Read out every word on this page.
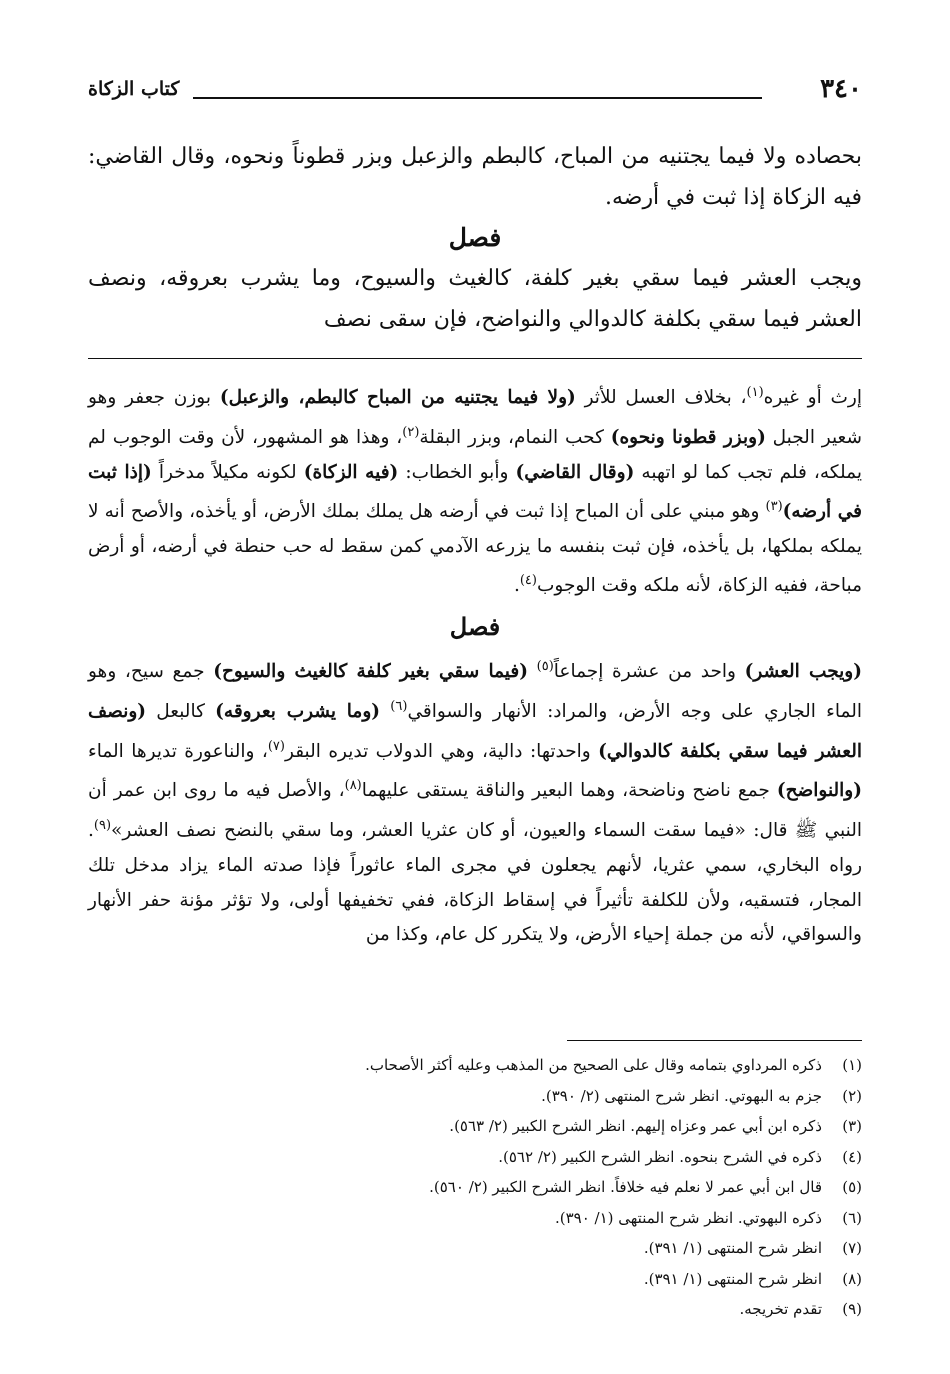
٣٤٠
كتاب الزكاة

بحصاده ولا فيما يجتنيه من المباح، كالبطم والزعبل وبزر قطوناً ونحوه، وقال القاضي: فيه الزكاة إذا ثبت في أرضه.

فصل

ويجب العشر فيما سقي بغير كلفة، كالغيث والسيوح، وما يشرب بعروقه، ونصف العشر فيما سقي بكلفة كالدوالي والنواضح، فإن سقى نصف

إرث أو غيره$^{(١)}$، بخلاف العسل للأثر (ولا فيما يجتنيه من المباح كالبطم، والزعبل) بوزن جعفر وهو شعير الجبل (وبزر قطونا ونحوه) كحب النمام، وبزر البقلة$^{(٢)}$، وهذا هو المشهور، لأن وقت الوجوب لم يملكه، فلم تجب كما لو اتهبه (وقال القاضي) وأبو الخطاب: (فيه الزكاة) لكونه مكيلاً مدخراً (إذا ثبت في أرضه)$^{(٣)}$ وهو مبني على أن المباح إذا ثبت في أرضه هل يملك بملك الأرض، أو يأخذه، والأصح أنه لا يملكه بملكها، بل يأخذه، فإن ثبت بنفسه ما يزرعه الآدمي كمن سقط له حب حنطة في أرضه، أو أرض مباحة، ففيه الزكاة، لأنه ملكه وقت الوجوب$^{(٤)}$.

فصل

(ويجب العشر) واحد من عشرة إجماعاً$^{(٥)}$ (فيما سقي بغير كلفة كالغيث والسيوح) جمع سيح، وهو الماء الجاري على وجه الأرض، والمراد: الأنهار والسواقي$^{(٦)}$ (وما يشرب بعروقه) كالبعل (ونصف العشر فيما سقي بكلفة كالدوالي) واحدتها: دالية، وهي الدولاب تديره البقر$^{(٧)}$، والناعورة تديرها الماء (والنواضح) جمع ناضح وناضحة، وهما البعير والناقة يستقى عليهما$^{(٨)}$، والأصل فيه ما روى ابن عمر أن النبي ﷺ قال: «فيما سقت السماء والعيون، أو كان عثريا العشر، وما سقي بالنضح نصف العشر»$^{(٩)}$. رواه البخاري، سمي عثريا، لأنهم يجعلون في مجرى الماء عاثوراً فإذا صدته الماء يزاد مدخل تلك المجار، فتسقيه، ولأن للكلفة تأثيراً في إسقاط الزكاة، ففي تخفيفها أولى، ولا تؤثر مؤنة حفر الأنهار والسواقي، لأنه من جملة إحياء الأرض، ولا يتكرر كل عام، وكذا من

(١)
ذكره المرداوي بتمامه وقال على الصحيح من المذهب وعليه أكثر الأصحاب.
(٢)
جزم به البهوتي. انظر شرح المنتهى (٢/ ٣٩٠).
(٣)
ذكره ابن أبي عمر وعزاه إليهم. انظر الشرح الكبير (٢/ ٥٦٣).
(٤)
ذكره في الشرح بنحوه. انظر الشرح الكبير (٢/ ٥٦٢).
(٥)
قال ابن أبي عمر لا نعلم فيه خلافاً. انظر الشرح الكبير (٢/ ٥٦٠).
(٦)
ذكره البهوتي. انظر شرح المنتهى (١/ ٣٩٠).
(٧)
انظر شرح المنتهى (١/ ٣٩١).
(٨)
انظر شرح المنتهى (١/ ٣٩١).
(٩)
تقدم تخريجه.
